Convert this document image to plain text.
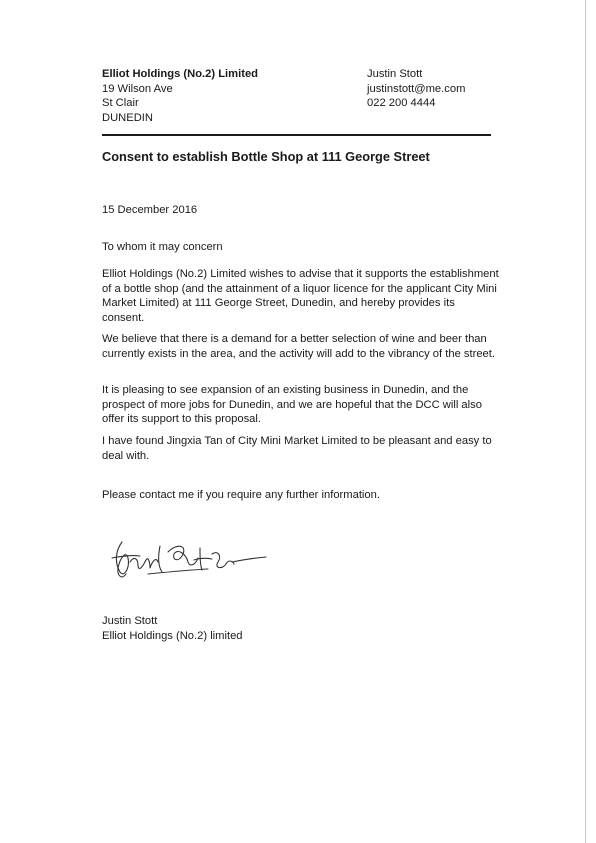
Elliot Holdings (No.2) Limited
19 Wilson Ave
St Clair
DUNEDIN
Justin Stott
justinstott@me.com
022 200 4444
Consent to establish Bottle Shop at 111 George Street
15 December 2016
To whom it may concern
Elliot Holdings (No.2) Limited wishes to advise that it supports the establishment of a bottle shop (and the attainment of a liquor licence for the applicant City Mini Market Limited) at 111 George Street, Dunedin, and hereby provides its consent.
We believe that there is a demand for a better selection of wine and beer than currently exists in the area, and the activity will add to the vibrancy of the street.
It is pleasing to see expansion of an existing business in Dunedin, and the prospect of more jobs for Dunedin, and we are hopeful that the DCC will also offer its support to this proposal.
I have found Jingxia Tan of City Mini Market Limited to be pleasant and easy to deal with.
Please contact me if you require any further information.
Justin Stott
Elliot Holdings (No.2) limited
